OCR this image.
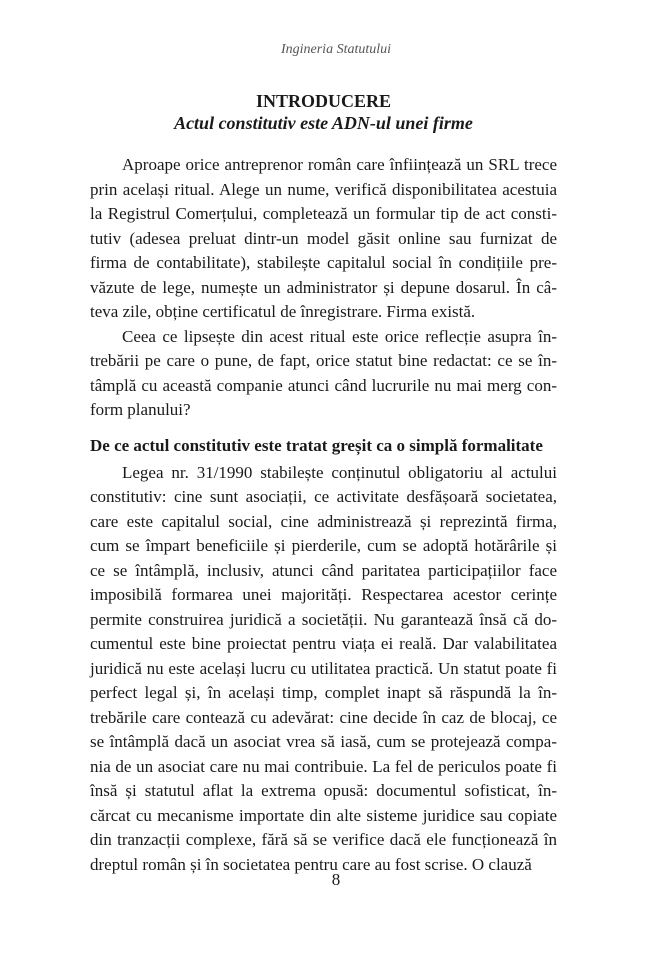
Ingineria Statutului
INTRODUCERE
Actul constitutiv este ADN-ul unei firme

Aproape orice antreprenor român care înființează un SRL trece prin același ritual. Alege un nume, verifică disponibilitatea acestuia la Registrul Comerțului, completează un formular tip de act constitutiv (adesea preluat dintr-un model găsit online sau furnizat de firma de contabilitate), stabilește capitalul social în condițiile prevăzute de lege, numește un administrator și depune dosarul. În câteva zile, obține certificatul de înregistrare. Firma există.

Ceea ce lipsește din acest ritual este orice reflecție asupra întrebării pe care o pune, de fapt, orice statut bine redactat: ce se întâmplă cu această companie atunci când lucrurile nu mai merg conform planului?

De ce actul constitutiv este tratat greșit ca o simplă formalitate

Legea nr. 31/1990 stabilește conținutul obligatoriu al actului constitutiv: cine sunt asociații, ce activitate desfășoară societatea, care este capitalul social, cine administrează și reprezintă firma, cum se împart beneficiile și pierderile, cum se adoptă hotărârile și ce se întâmplă, inclusiv, atunci când paritatea participațiilor face imposibilă formarea unei majorități. Respectarea acestor cerințe permite construirea juridică a societății. Nu garantează însă că documentul este bine proiectat pentru viața ei reală. Dar valabilitatea juridică nu este același lucru cu utilitatea practică. Un statut poate fi perfect legal și, în același timp, complet inapt să răspundă la întrebările care contează cu adevărat: cine decide în caz de blocaj, ce se întâmplă dacă un asociat vrea să iasă, cum se protejează compania de un asociat care nu mai contribuie. La fel de periculos poate fi însă și statutul aflat la extrema opusă: documentul sofisticat, încărcat cu mecanisme importate din alte sisteme juridice sau copiate din tranzacții complexe, fără să se verifice dacă ele funcționează în dreptul român și în societatea pentru care au fost scrise. O clauză

8
